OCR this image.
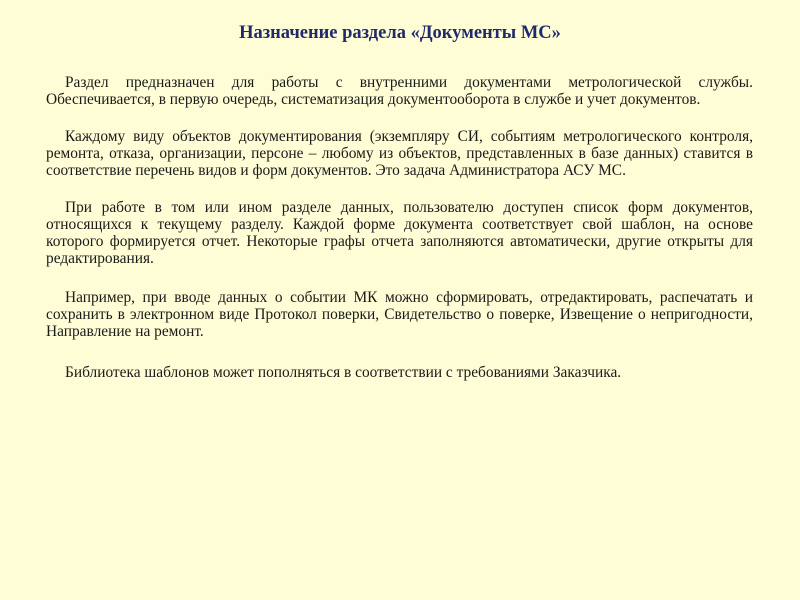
Назначение раздела «Документы МС»

Раздел предназначен для работы с внутренними документами метрологической службы. Обеспечивается, в первую очередь, систематизация документооборота в службе и учет документов.

Каждому виду объектов документирования (экземпляру СИ, событиям метрологического контроля, ремонта, отказа, организации, персоне – любому из объектов, представленных в базе данных) ставится в соответствие перечень видов и форм документов. Это задача Администратора АСУ МС.

При работе в том или ином разделе данных, пользователю доступен список форм документов, относящихся к текущему разделу. Каждой форме документа соответствует свой шаблон, на основе которого формируется отчет. Некоторые графы отчета заполняются автоматически, другие открыты для редактирования.

Например, при вводе данных о событии МК можно сформировать, отредактировать, распечатать и сохранить в электронном виде Протокол поверки, Свидетельство о поверке, Извещение о непригодности, Направление на ремонт.

Библиотека шаблонов может пополняться в соответствии с требованиями Заказчика.
